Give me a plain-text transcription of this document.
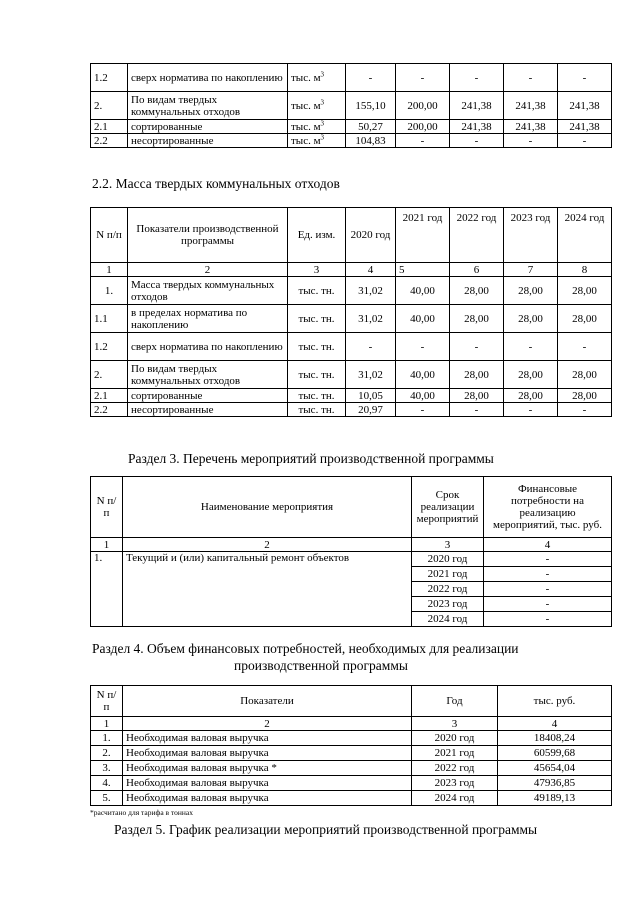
1.2	сверх норматива по накоплению	тыс. $м^3$	-	-	-	-	-
2.	По видам твердых коммунальных отходов	тыс. $м^3$	155,10	200,00	241,38	241,38	241,38
2.1	сортированные	тыс. $м^3$	50,27	200,00	241,38	241,38	241,38
2.2	несортированные	тыс. $м^3$	104,83	-	-	-	-
2.2. Масса твердых коммунальных отходов
N п/п	Показатели производственной программы	Ед. изм.	2020 год	2021 год	2022 год	2023 год	2024 год
1	2	3	4	5	6	7	8
1.	Масса твердых коммунальных отходов	тыс. тн.	31,02	40,00	28,00	28,00	28,00
1.1	в пределах норматива по накоплению	тыс. тн.	31,02	40,00	28,00	28,00	28,00
1.2	сверх норматива по накоплению	тыс. тн.	-	-	-	-	-
2.	По видам твердых коммунальных отходов	тыс. тн.	31,02	40,00	28,00	28,00	28,00
2.1	сортированные	тыс. тн.	10,05	40,00	28,00	28,00	28,00
2.2	несортированные	тыс. тн.	20,97	-	-	-	-
Раздел 3. Перечень мероприятий производственной программы
N п/п	Наименование мероприятия	Срок реализации мероприятий	Финансовые потребности на реализацию мероприятий, тыс. руб.
1	2	3	4
1.	Текущий и (или) капитальный ремонт объектов	2020 год	-
		2021 год	-
		2022 год	-
		2023 год	-
		2024 год	-
Раздел 4. Объем финансовых потребностей, необходимых для реализации
производственной программы
N п/п	Показатели	Год	тыс. руб.
1	2	3	4
1.	Необходимая валовая выручка	2020 год	18408,24
2.	Необходимая валовая выручка	2021 год	60599,68
3.	Необходимая валовая выручка *	2022 год	45654,04
4.	Необходимая валовая выручка	2023 год	47936,85
5.	Необходимая валовая выручка	2024 год	49189,13
*расчитано для тарифа в тоннах
Раздел 5. График реализации мероприятий производственной программы
